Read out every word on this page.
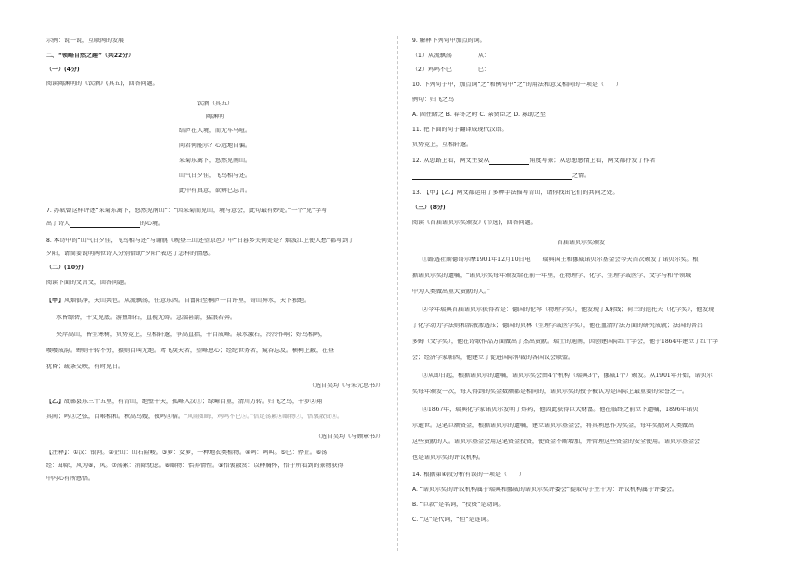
示例：说一说，互联网的发展

二、“领略自然之趣”（共22分）

（一）(4分)

阅读陶渊明的《饮酒》(其五)，回答问题。

饮酒（其五）

陶渊明

结庐在人境，而无车马喧。

问君何能尔？心远地自偏。

采菊东篱下，悠然见南山。

山气日夕佳，飞鸟相与还。

此中有真意，欲辨已忘言。

7. 苏轼曾这样评述“采菊东篱下，悠然见南山”：“因采菊而见山，境与意会，此句最有妙处。”一个“见”字写

出了诗人	的心境。

8. 本诗中的“山气日夕佳，飞鸟相与还”与谢朓《晚登三山还望京邑》中“日暮乡关何处是？烟波江上使人愁”都写到了

夕阳，请简要说明两位诗人分别借助“夕阳”表达了怎样的情感。

（二）(10分)

阅读下面的文言文，回答问题。

【甲】风烟俱净，天山共色。从流飘荡，任意东西。自富阳至桐庐一百许里，奇山异水，天下独绝。

水皆缥碧，千丈见底。游鱼细石，直视无碍。急湍甚箭，猛浪若奔。

夹岸高山，皆生寒树，负势竞上，互相轩邈，争高直指，千百成峰。泉水激石，泠泠作响；好鸟相鸣，

嘤嘤成韵。蝉则千转不穷，猿则百叫无绝。鸢飞戾天者，望峰息心；经纶世务者，窥谷忘反。横柯上蔽，在昼

犹昏；疏条交映，有时见日。

（选自吴均《与朱元思书》）

【乙】故鄣县东三十五里，有青山，绝壁千天，孤峰入汉①；绿嶂百重，清川万转。归飞之鸟，千岁②翔

其间；鸣③之弦，百啭相和。秋高鸟嫂，夜鸣④宿。“风雨如晦，鸡鸣不已⑤。”信足荡累⑥颐物⑦，悟衷散赏⑧。

（选自吴均《与顾章书》）

【注释】：①汉：银河。②企山：山石险峻。③萝：女萝，一种地衣类植物。④鸣：鸣叫。⑤已：停止。⑥荡

经：却除，风为⑧，风。⑦荡累：消除忧虑。⑧颐物：怡养情性。⑨悟衷散赏：以释胸怀，悟于所看到的景物获得

中内心有所感悟。

9. 解释下列句中加点的词。

（1）从流飘荡	从：

（2）鸡鸣不已	已：

10. 下列句子中，加点词“之”和例句中“之”的用法和意义相同的一项是（　　）

例句：归飞之鸟

A. 固往睹之 B. 春冬之时 C. 亲贤臣之 D. 寡助之至

11. 把下面的句子翻译成现代汉语。

负势竞上，互相轩邈。

12. 从思路上看，两文主要从	角度写景；从思想感情上看，两文都抒发了作者

之情。

13. 【甲】【乙】两文都运用了多种手法描写青山，请你找出它们的共同之处。

（三）(8分)

阅读《首届诺贝尔奖颁发》(节选)，回答问题。

首届诺贝尔奖颁发

①路透社斯德哥尔摩1901年12月10日电　　瑞典国王和挪威诺贝尔基金会今天首次颁发了诺贝尔奖。根

据诺贝尔奖的遗嘱，“诺贝尔奖每年颁发给在前一年里，在物理学、化学、生理学或医学、文学与和平领域

中为人类做出重大贡献的人。”

②今年瑞典首届诺贝尔获得者是：德国的伦琴（物理学奖），他发现了X射线；荷兰的范托夫（化学奖），他发现

了化学动力学法则和溶液渗透压；德国的贝林（生理学或医学奖），他在血清疗法方面的研究成就；法国的普吕

多姆（文学奖），他在诗歌作品方面做出了杰出贡献。瑞士的迪南，因创建国际红十字会，他于1864年建立了红十字

会；经济学家帕西，他建立了促进国际仲裁的各国议会联盟。

③从即日起，根据诺贝尔的遗嘱，诺贝尔奖会由4个机构（瑞典3个，挪威1个）颁发。从1901年开始，诺贝尔

奖每年颁发一次，每人得到的奖金数额都是相同的，诺贝尔奖的授予被认为是国际上最重要的荣誉之一。

④1867年，瑞典化学家诺贝尔发明了炸药，他因此获得巨大财富。他在临终之前立下遗嘱，1896年诺贝

尔逝世。这笔巨额资金，根据诺贝尔的遗嘱，建立诺贝尔基金会，将其利息作为奖金，每年奖励对人类做出

这些贡献的人。诺贝尔基金会用这笔资金投资，使资金不断增加，并管理这些资金的安全使用。诺贝尔基金会

也是诺贝尔奖的评议机构。

14. 根据第④段分析有误的一项是（　　）

A. “诺贝尔奖的评议机构属于瑞典和挪威的诺贝尔奖评委会”提取句子主干为：评议机构属于评委会。

B. “巨款”是名词，“投资”是动词。

C. “这”是代词，“但”是连词。
